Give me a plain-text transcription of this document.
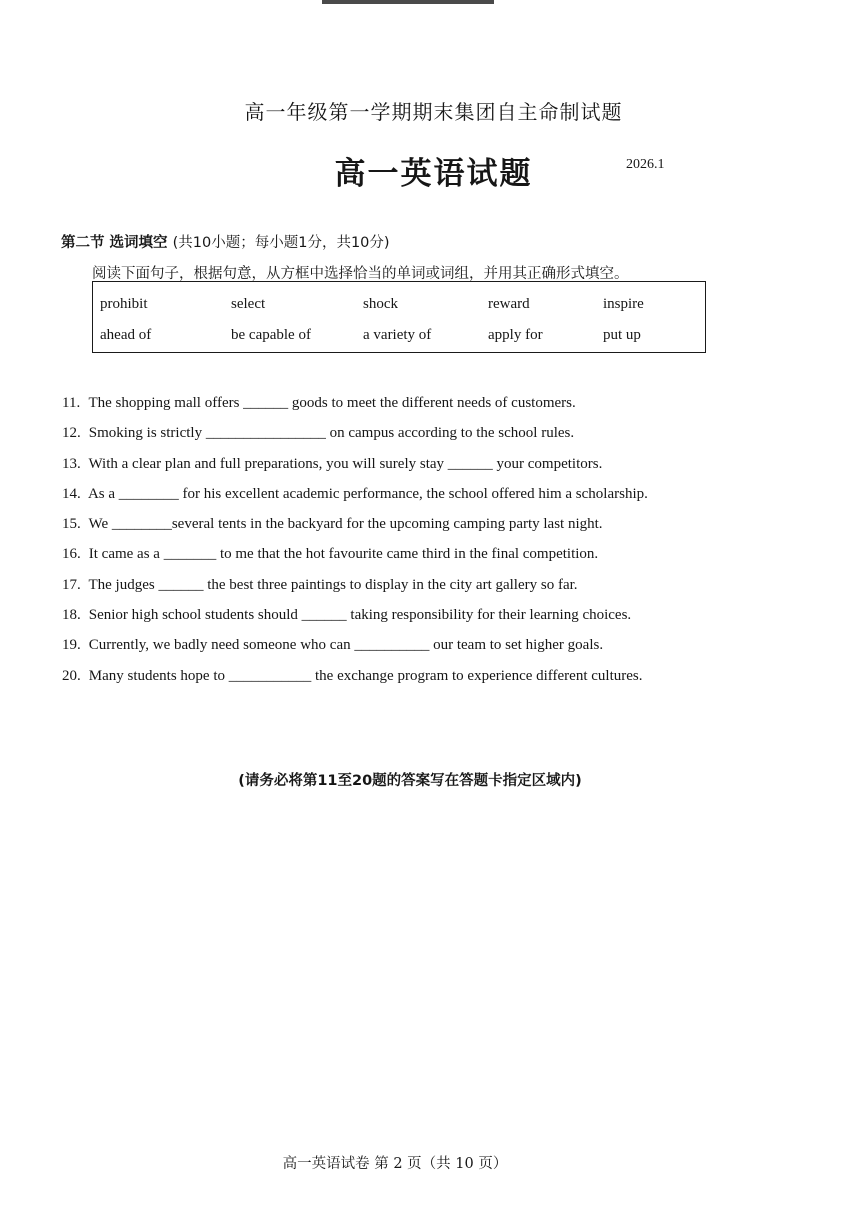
高一年级第一学期期末集团自主命制试题
高一英语试题	2026.1
第二节 选词填空 (共10小题；每小题1分，共10分)
阅读下面句子，根据句意，从方框中选择恰当的单词或词组，并用其正确形式填空。
prohibit	select	shock	reward	inspire
ahead of	be capable of	a variety of	apply for	put up
11. The shopping mall offers ______ goods to meet the different needs of customers.
12. Smoking is strictly ________________ on campus according to the school rules.
13. With a clear plan and full preparations, you will surely stay ______ your competitors.
14. As a ________ for his excellent academic performance, the school offered him a scholarship.
15. We ________several tents in the backyard for the upcoming camping party last night.
16. It came as a _______ to me that the hot favourite came third in the final competition.
17. The judges ______ the best three paintings to display in the city art gallery so far.
18. Senior high school students should ______ taking responsibility for their learning choices.
19. Currently, we badly need someone who can __________ our team to set higher goals.
20. Many students hope to ___________ the exchange program to experience different cultures.
(请务必将第11至20题的答案写在答题卡指定区域内)
高一英语试卷 第 2 页（共 10 页）
